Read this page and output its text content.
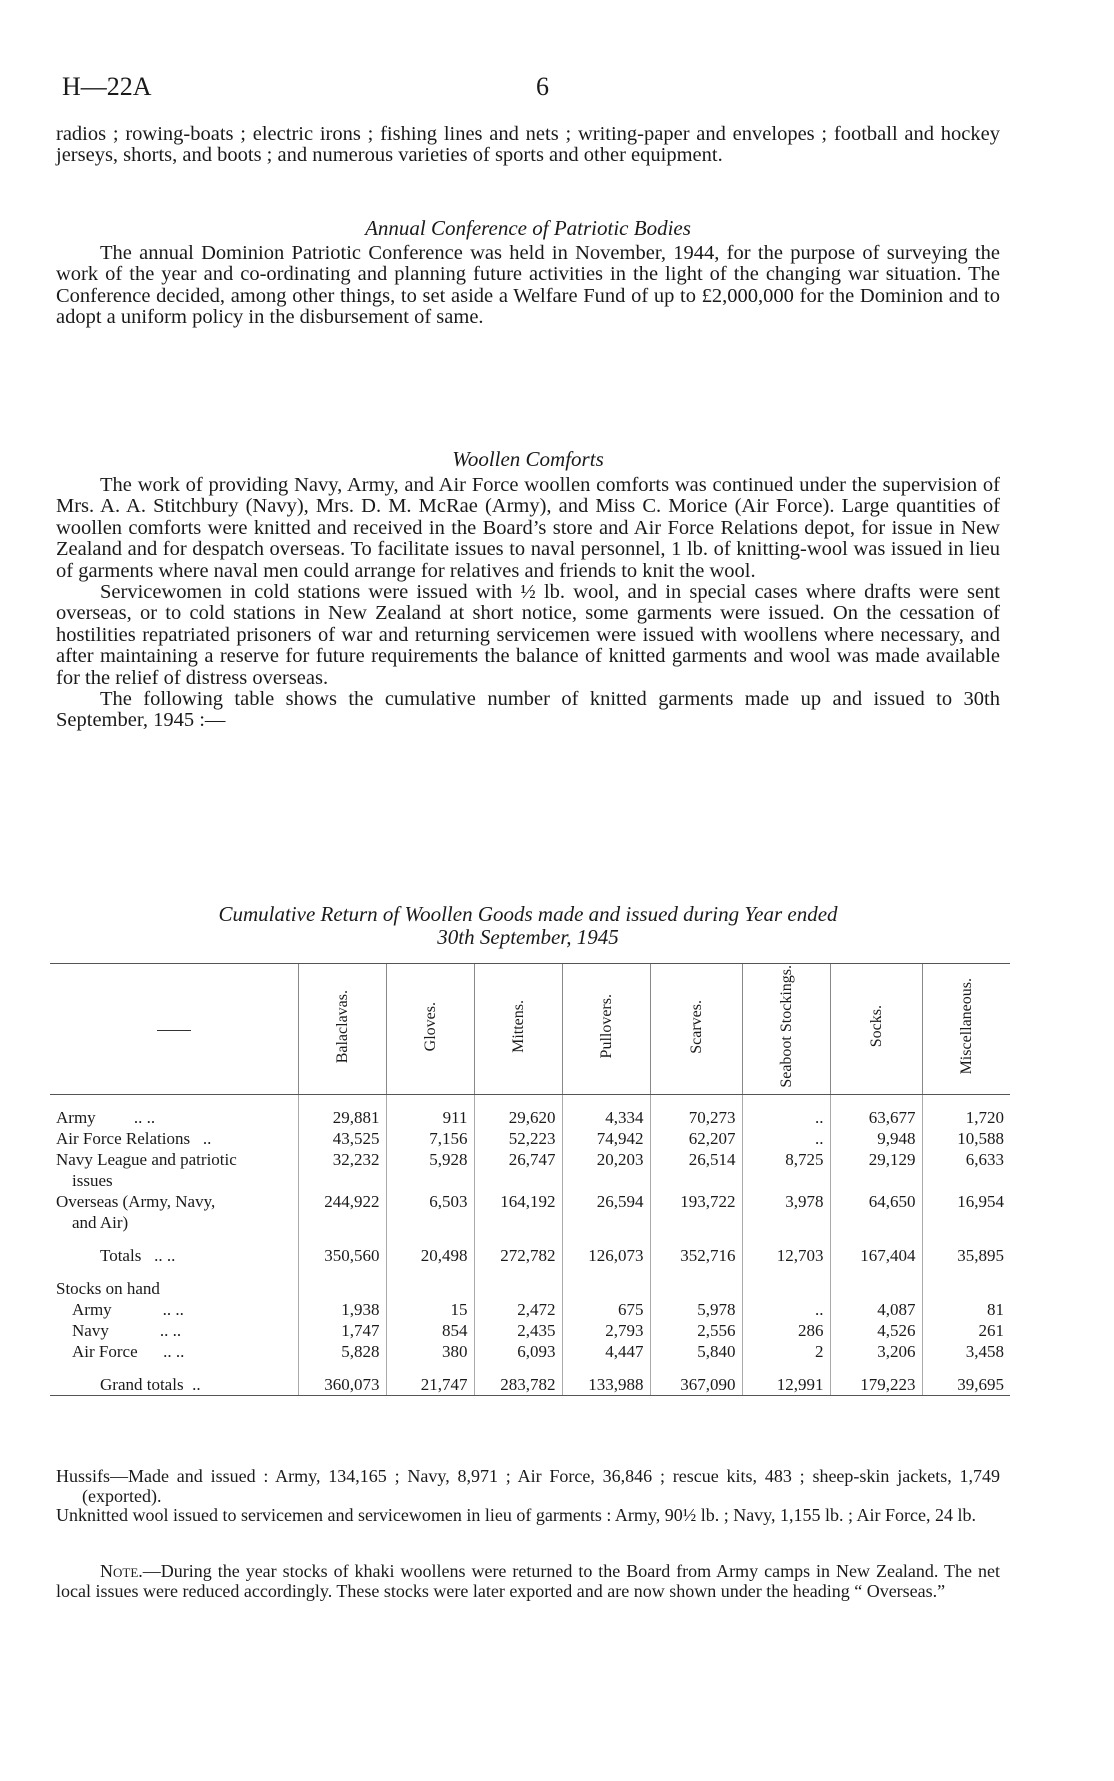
H—22A	6

radios ; rowing-boats ; electric irons ; fishing lines and nets ; writing-paper and envelopes ; football and hockey jerseys, shorts, and boots ; and numerous varieties of sports and other equipment.

Annual Conference of Patriotic Bodies

The annual Dominion Patriotic Conference was held in November, 1944, for the purpose of surveying the work of the year and co-ordinating and planning future activities in the light of the changing war situation. The Conference decided, among other things, to set aside a Welfare Fund of up to £2,000,000 for the Dominion and to adopt a uniform policy in the disbursement of same.

Woollen Comforts

The work of providing Navy, Army, and Air Force woollen comforts was continued under the supervision of Mrs. A. A. Stitchbury (Navy), Mrs. D. M. McRae (Army), and Miss C. Morice (Air Force). Large quantities of woollen comforts were knitted and received in the Board’s store and Air Force Relations depot, for issue in New Zealand and for despatch overseas. To facilitate issues to naval personnel, 1 lb. of knitting-wool was issued in lieu of garments where naval men could arrange for relatives and friends to knit the wool.

Servicewomen in cold stations were issued with ½ lb. wool, and in special cases where drafts were sent overseas, or to cold stations in New Zealand at short notice, some garments were issued. On the cessation of hostilities repatriated prisoners of war and returning servicemen were issued with woollens where necessary, and after maintaining a reserve for future requirements the balance of knitted garments and wool was made available for the relief of distress overseas.

The following table shows the cumulative number of knitted garments made up and issued to 30th September, 1945 :—

Cumulative Return of Woollen Goods made and issued during Year ended
30th September, 1945
	Balaclavas.	Gloves.	Mittens.	Pullovers.	Scarves.	Seaboot Stockings.	Socks.	Miscellaneous.

Army .. ..	29,881	911	29,620	4,334	70,273	..	63,677	1,720
Air Force Relations ..	43,525	7,156	52,223	74,942	62,207	..	9,948	10,588
Navy League and patriotic	32,232	5,928	26,747	20,203	26,514	8,725	29,129	6,633
issues								
Overseas (Army, Navy,	244,922	6,503	164,192	26,594	193,722	3,978	64,650	16,954
and Air)								

Totals .. ..	350,560	20,498	272,782	126,073	352,716	12,703	167,404	35,895

Stocks on hand								
Army .. ..	1,938	15	2,472	675	5,978	..	4,087	81
Navy .. ..	1,747	854	2,435	2,793	2,556	286	4,526	261
Air Force .. ..	5,828	380	6,093	4,447	5,840	2	3,206	3,458

Grand totals ..	360,073	21,747	283,782	133,988	367,090	12,991	179,223	39,695

Hussifs—Made and issued : Army, 134,165 ; Navy, 8,971 ; Air Force, 36,846 ; rescue kits, 483 ; sheep-skin jackets, 1,749 (exported).

Unknitted wool issued to servicemen and servicewomen in lieu of garments : Army, 90½ lb. ; Navy, 1,155 lb. ; Air Force, 24 lb.

Note.—During the year stocks of khaki woollens were returned to the Board from Army camps in New Zealand. The net local issues were reduced accordingly. These stocks were later exported and are now shown under the heading “ Overseas.”
